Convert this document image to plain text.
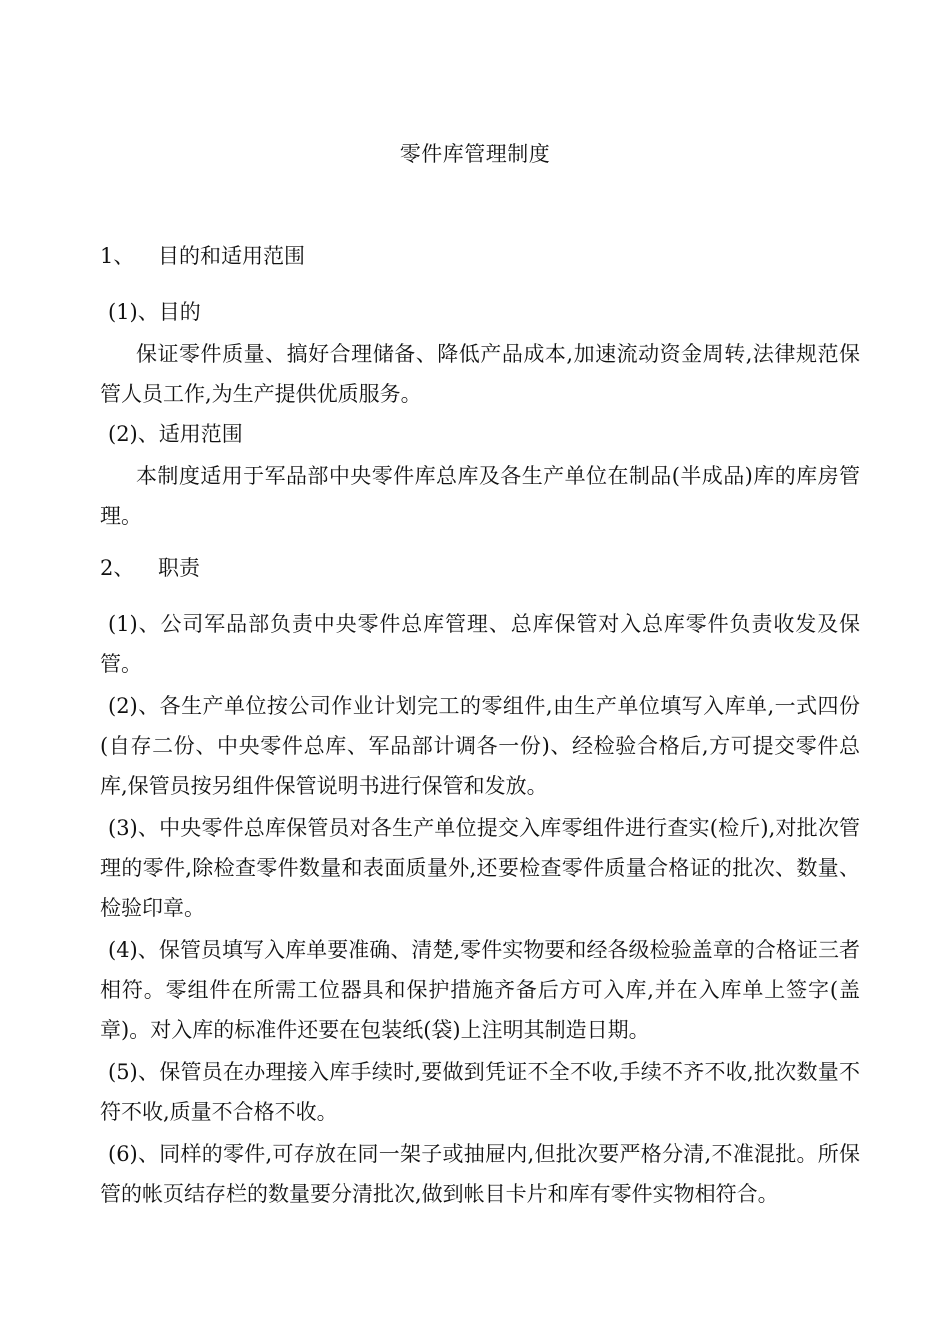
零件库管理制度
1、 目的和适用范围
(1)、目的
保证零件质量、搞好合理储备、降低产品成本,加速流动资金周转,法律规范保管人员工作,为生产提供优质服务。
(2)、适用范围
本制度适用于军品部中央零件库总库及各生产单位在制品(半成品)库的库房管理。
2、 职责
(1)、公司军品部负责中央零件总库管理、总库保管对入总库零件负责收发及保管。
(2)、各生产单位按公司作业计划完工的零组件,由生产单位填写入库单,一式四份(自存二份、中央零件总库、军品部计调各一份)、经检验合格后,方可提交零件总库,保管员按另组件保管说明书进行保管和发放。
(3)、中央零件总库保管员对各生产单位提交入库零组件进行查实(检斤),对批次管理的零件,除检查零件数量和表面质量外,还要检查零件质量合格证的批次、数量、检验印章。
(4)、保管员填写入库单要准确、清楚,零件实物要和经各级检验盖章的合格证三者相符。零组件在所需工位器具和保护措施齐备后方可入库,并在入库单上签字(盖章)。对入库的标准件还要在包装纸(袋)上注明其制造日期。
(5)、保管员在办理接入库手续时,要做到凭证不全不收,手续不齐不收,批次数量不符不收,质量不合格不收。
(6)、同样的零件,可存放在同一架子或抽屉内,但批次要严格分清,不准混批。所保管的帐页结存栏的数量要分清批次,做到帐目卡片和库有零件实物相符合。
